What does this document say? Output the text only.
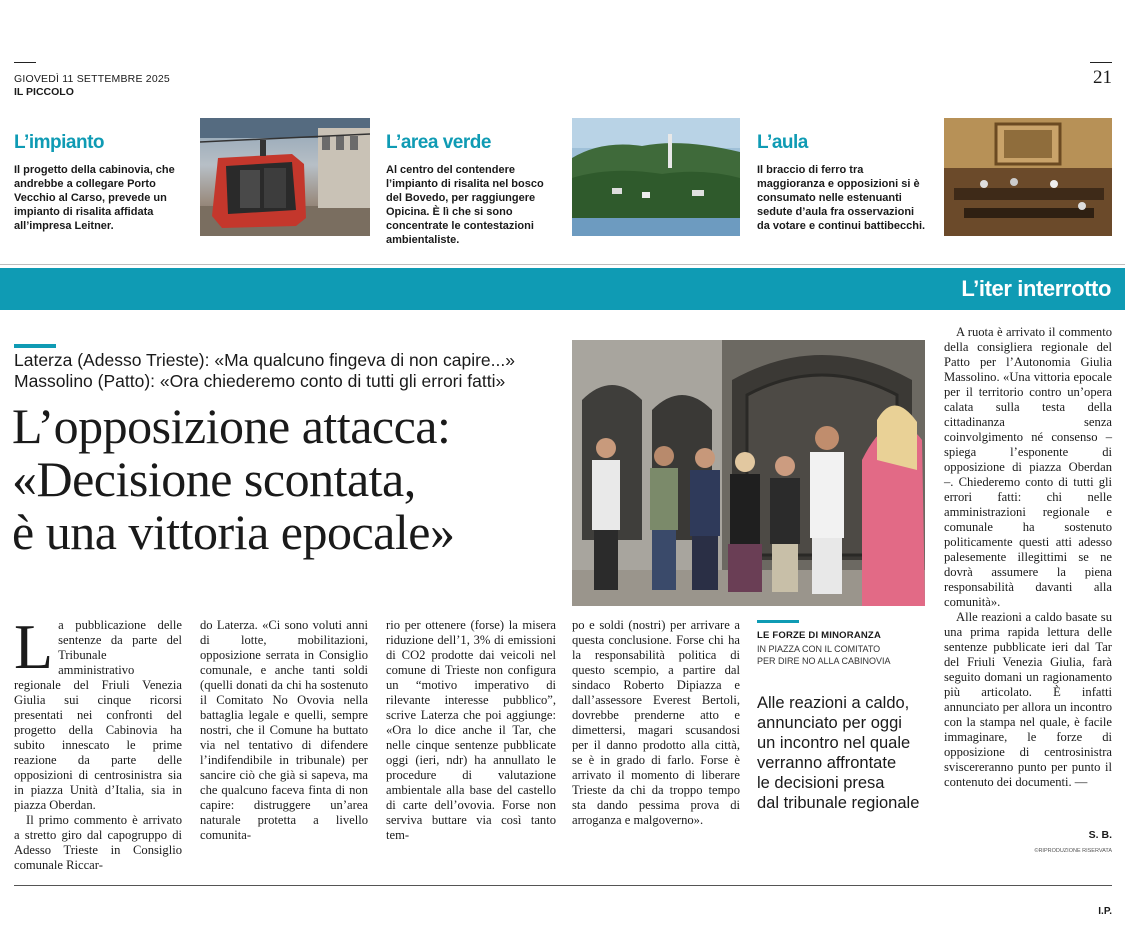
GIOVEDÌ 11 SETTEMBRE 2025
IL PICCOLO
21
L’impianto
Il progetto della cabinovia, che andrebbe a collegare Porto Vecchio al Carso, prevede un impianto di risalita affidata all’impresa Leitner.
L’area verde
Al centro del contendere l’impianto di risalita nel bosco del Bovedo, per raggiungere Opicina. È lì che si sono concentrate le contestazioni ambientaliste.
L’aula
Il braccio di ferro tra maggioranza e opposizioni si è consumato nelle estenuanti sedute d’aula fra osservazioni da votare e continui battibecchi.
L’iter interrotto
Laterza (Adesso Trieste): «Ma qualcuno fingeva di non capire...»
Massolino (Patto): «Ora chiederemo conto di tutti gli errori fatti»
L’opposizione attacca:
«Decisione scontata,
è una vittoria epocale»

La pubblicazione delle sentenze da parte del Tribunale amministrativo regionale del Friuli Venezia Giulia sui cinque ricorsi presentati nei confronti del progetto della Cabinovia ha subito innescato le prime reazione da parte delle opposizioni di centrosinistra sia in piazza Unità d’Italia, sia in piazza Oberdan.

Il primo commento è arrivato a stretto giro dal capogruppo di Adesso Trieste in Consiglio comunale Riccar-

do Laterza. «Ci sono voluti anni di lotte, mobilitazioni, opposizione serrata in Consiglio comunale, e anche tanti soldi (quelli donati da chi ha sostenuto il Comitato No Ovovia nella battaglia legale e quelli, sempre nostri, che il Comune ha buttato via nel tentativo di difendere l’indifendibile in tribunale) per sancire ciò che già si sapeva, ma che qualcuno faceva finta di non capire: distruggere un’area naturale protetta a livello comunita-

rio per ottenere (forse) la misera riduzione dell’1, 3% di emissioni di CO2 prodotte dai veicoli nel comune di Trieste non configura un “motivo imperativo di rilevante interesse pubblico”, scrive Laterza che poi aggiunge: «Ora lo dice anche il Tar, che nelle cinque sentenze pubblicate oggi (ieri, ndr) ha annullato le procedure di valutazione ambientale alla base del castello di carte dell’ovovia. Forse non serviva buttare via così tanto tem-

po e soldi (nostri) per arrivare a questa conclusione. Forse chi ha la responsabilità politica di questo scempio, a partire dal sindaco Roberto Dipiazza e dall’assessore Everest Bertoli, dovrebbe prenderne atto e dimettersi, magari scusandosi per il danno prodotto alla città, se è in grado di farlo. Forse è arrivato il momento di liberare Trieste da chi da troppo tempo sta dando pessima prova di arroganza e malgoverno».

LE FORZE DI MINORANZA
IN PIAZZA CON IL COMITATO
PER DIRE NO ALLA CABINOVIA
Alle reazioni a caldo,
annunciato per oggi
un incontro nel quale
verranno affrontate
le decisioni presa
dal tribunale regionale

A ruota è arrivato il commento della consigliera regionale del Patto per l’Autonomia Giulia Massolino. «Una vittoria epocale per il territorio contro un’opera calata sulla testa della cittadinanza senza coinvolgimento né consenso – spiega l’esponente di opposizione di piazza Oberdan –. Chiederemo conto di tutti gli errori fatti: chi nelle amministrazioni regionale e comunale ha sostenuto politicamente questi atti adesso palesemente illegittimi se ne dovrà assumere la piena responsabilità davanti alla comunità».

Alle reazioni a caldo basate su una prima rapida lettura delle sentenze pubblicate ieri dal Tar del Friuli Venezia Giulia, farà seguito domani un ragionamento più articolato. È infatti annunciato per allora un incontro con la stampa nel quale, è facile immaginare, le forze di opposizione di centrosinistra sviscereranno punto per punto il contenuto dei documenti. —

S. B.
©RIPRODUZIONE RISERVATA
I.P.
